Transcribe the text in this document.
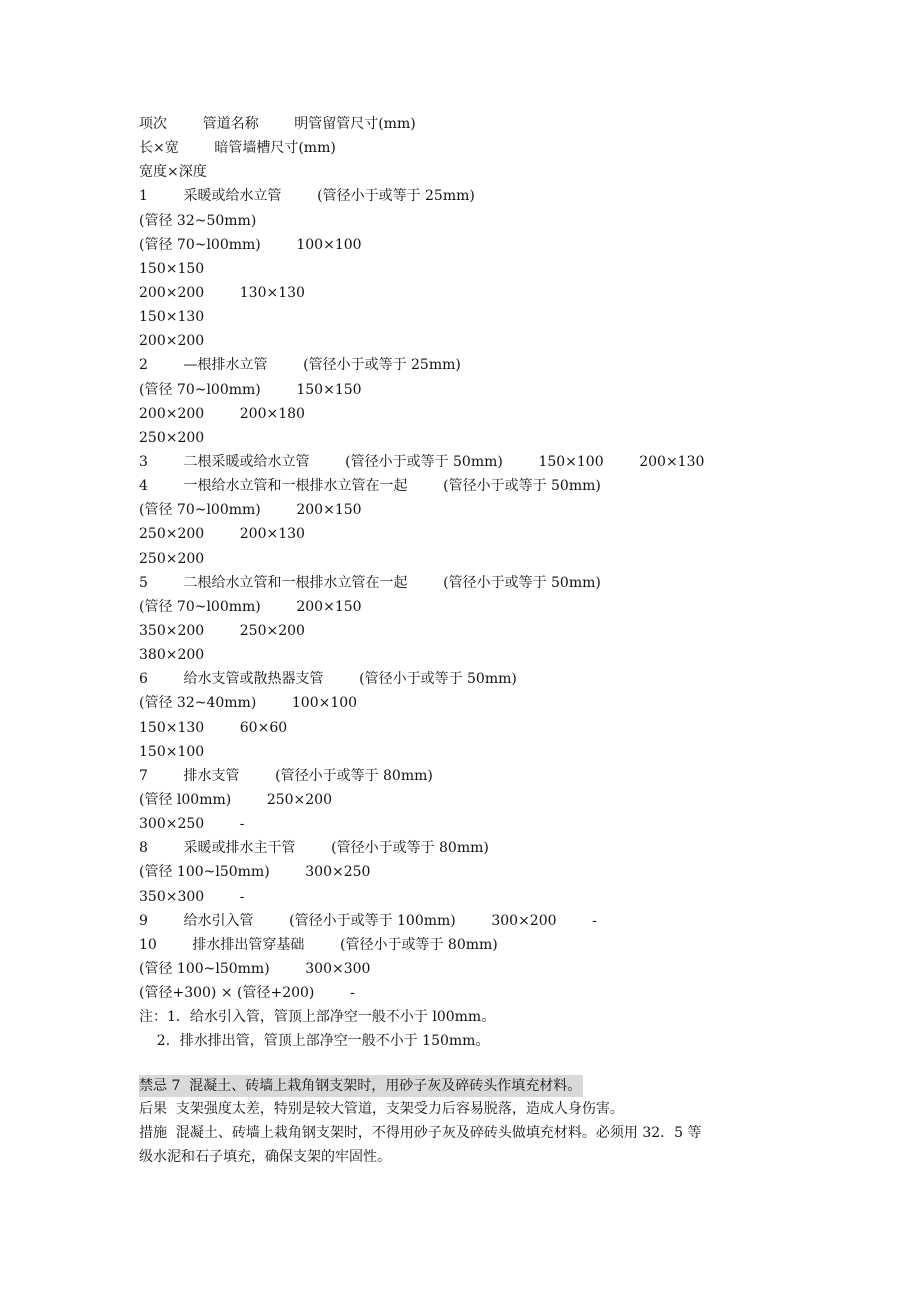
项次        管道名称        明管留管尺寸(mm)
长×宽        暗管墙槽尺寸(mm)
宽度×深度
1        采暖或给水立管        (管径小于或等于 25mm)
(管径 32~50mm)
(管径 70~l00mm)        100×100
150×150
200×200        130×130
150×130
200×200
2        —根排水立管        (管径小于或等于 25mm)
(管径 70~l00mm)        150×150
200×200        200×180
250×200
3        二根采暖或给水立管        (管径小于或等于 50mm)        150×100        200×130
4        一根给水立管和一根排水立管在一起        (管径小于或等于 50mm)
(管径 70~l00mm)        200×150
250×200        200×130
250×200
5        二根给水立管和一根排水立管在一起        (管径小于或等于 50mm)
(管径 70~l00mm)        200×150
350×200        250×200
380×200
6        给水支管或散热器支管        (管径小于或等于 50mm)
(管径 32~40mm)        100×100
150×130        60×60
150×100
7        排水支管        (管径小于或等于 80mm)
(管径 l00mm)        250×200
300×250        -
8        采暖或排水主干管        (管径小于或等于 80mm)
(管径 100~l50mm)        300×250
350×300        -
9        给水引入管        (管径小于或等于 100mm)        300×200        -
10        排水排出管穿基础        (管径小于或等于 80mm)
(管径 100~l50mm)        300×300
(管径+300) × (管径+200)        -
注：1．给水引入管，管顶上部净空一般不小于 l00mm。
2．排水排出管，管顶上部净空一般不小于 150mm。
禁忌 7  混凝土、砖墙上栽角钢支架时，用砂子灰及碎砖头作填充材料。
后果  支架强度太差，特别是较大管道，支架受力后容易脱落，造成人身伤害。
措施  混凝土、砖墙上栽角钢支架时，不得用砂子灰及碎砖头做填充材料。必须用 32．5 等
级水泥和石子填充，确保支架的牢固性。
